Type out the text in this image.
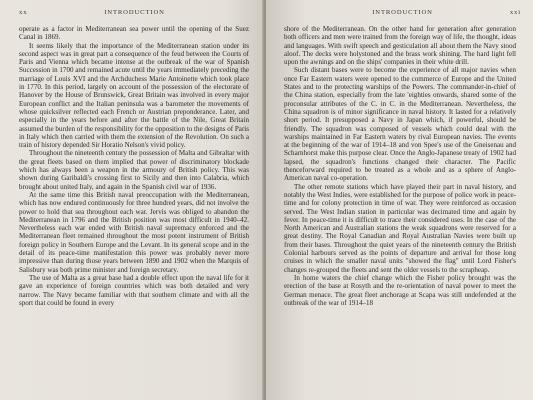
xx	INTRODUCTION

operate as a factor in Mediterranean sea power until the opening of the Suez Canal in 1869.

It seems likely that the importance of the Mediterranean station under its second aspect was in great part a consequence of the feud between the Courts of Paris and Vienna which became intense at the outbreak of the war of Spanish Succession in 1700 and remained acute until the years immediately preceding the marriage of Louis XVI and the Archduchess Marie Antoinette which took place in 1770. In this period, largely on account of the possession of the electorate of Hanover by the House of Brunswick, Great Britain was involved in every major European conflict and the Italian peninsula was a barometer the movements of whose quicksilver reflected each French or Austrian preponderance. Later, and especially in the years before and after the battle of the Nile, Great Britain assumed the burden of the responsibility for the opposition to the designs of Paris in Italy which then carried with them the extension of the Revolution. On such a train of history depended Sir Horatio Nelson's vivid policy.

Throughout the nineteenth century the possession of Malta and Gibraltar with the great fleets based on them implied that power of discriminatory blockade which has always been a weapon in the armoury of British policy. This was shown during Garibaldi's crossing first to Sicily and then into Calabria, which brought about united Italy, and again in the Spanish civil war of 1936.

At the same time this British naval preoccupation with the Mediterranean, which has now endured continuously for three hundred years, did not involve the power to hold that sea throughout each war. Jervis was obliged to abandon the Mediterranean in 1796 and the British position was most difficult in 1940–42. Nevertheless each war ended with British naval supremacy enforced and the Mediterranean fleet remained throughout the most potent instrument of British foreign policy in Southern Europe and the Levant. In its general scope and in the detail of its peace-time manifestation this power was probably never more impressive than during those years between 1890 and 1902 when the Marquis of Salisbury was both prime minister and foreign secretary.

The use of Malta as a great base had a double effect upon the naval life for it gave an experience of foreign countries which was both detailed and very narrow. The Navy became familiar with that southern climate and with all the sport that could be found in every

INTRODUCTION	xxi

shore of the Mediterranean. On the other hand for generation after generation both officers and men were trained from the foreign way of life, the thought, ideas and languages. With swift speech and gesticulation all about them the Navy stood aloof. The decks were holystoned and the brass work shining. The hard light fell upon the awnings and on the ships' companies in their white drill.

Such distant bases were to become the experience of all major navies when once Far Eastern waters were opened to the commerce of Europe and the United States and to the protecting warships of the Powers. The commander-in-chief of the China station, especially from the late 'eighties onwards, shared some of the proconsular attributes of the C. in C. in the Mediterranean. Nevertheless, the China squadron is of minor significance in naval history. It lasted for a relatively short period. It presupposed a Navy in Japan which, if powerful, should be friendly. The squadron was composed of vessels which could deal with the warships maintained in Far Eastern waters by rival European navies. The events at the beginning of the war of 1914–18 and von Spee's use of the Gneisenau and Scharnhorst make this purpose clear. Once the Anglo-Japanese treaty of 1902 had lapsed, the squadron's functions changed their character. The Pacific thenceforward required to be treated as a whole and as a sphere of Anglo-American naval co-operation.

The other remote stations which have played their part in naval history, and notably the West Indies, were established for the purpose of police work in peace-time and for colony protection in time of war. They were reinforced as occasion served. The West Indian station in particular was decimated time and again by fever. In peace-time it is difficult to trace their considered uses. In the case of the North American and Australian stations the weak squadrons were reserved for a great destiny. The Royal Canadian and Royal Australian Navies were built up from their bases. Throughout the quiet years of the nineteenth century the British Colonial harbours served as the points of departure and arrival for those long cruises in which the smaller naval units "showed the flag" until Lord Fisher's changes re-grouped the fleets and sent the older vessels to the scrapheap.

In home waters the chief change which the Fisher policy brought was the erection of the base at Rosyth and the re-orientation of naval power to meet the German menace. The great fleet anchorage at Scapa was still undefended at the outbreak of the war of 1914–18
